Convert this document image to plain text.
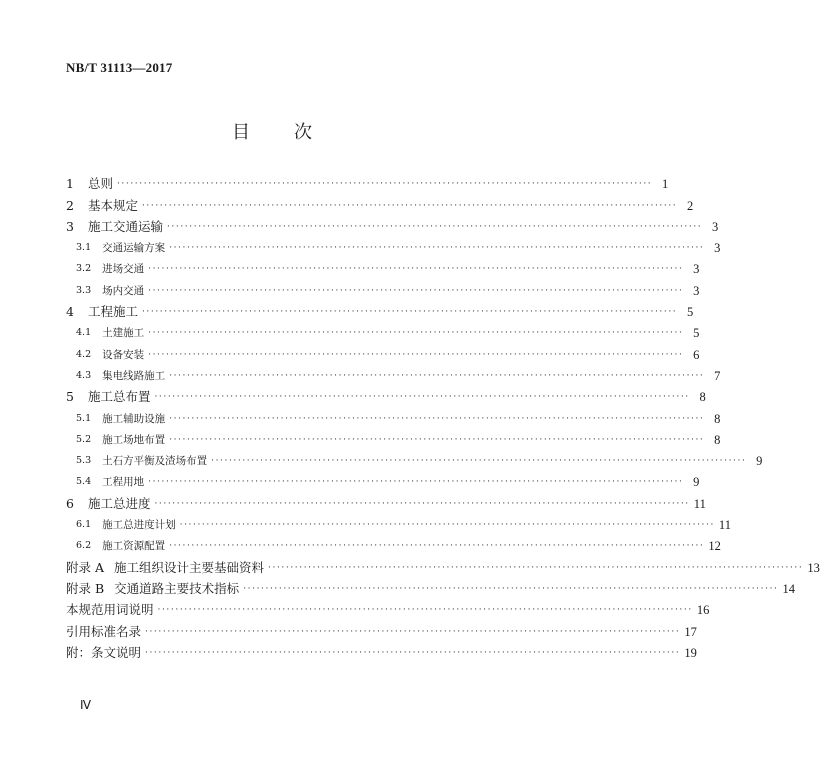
NB/T 31113—2017
目 次
1 总则 ························································································································ 1
2 基本规定 ························································································································ 2
3 施工交通运输 ························································································································ 3
3.1 交通运输方案 ························································································································ 3
3.2 进场交通 ························································································································ 3
3.3 场内交通 ························································································································ 3
4 工程施工 ························································································································ 5
4.1 土建施工 ························································································································ 5
4.2 设备安装 ························································································································ 6
4.3 集电线路施工 ························································································································ 7
5 施工总布置 ························································································································ 8
5.1 施工辅助设施 ························································································································ 8
5.2 施工场地布置 ························································································································ 8
5.3 土石方平衡及渣场布置 ························································································································ 9
5.4 工程用地 ························································································································ 9
6 施工总进度 ························································································································ 11
6.1 施工总进度计划 ························································································································ 11
6.2 施工资源配置 ························································································································ 12
附录 A 施工组织设计主要基础资料 ························································································································ 13
附录 B 交通道路主要技术指标 ························································································································ 14
本规范用词说明 ························································································································ 16
引用标准名录 ························································································································ 17
附：条文说明 ························································································································ 19
Ⅳ
